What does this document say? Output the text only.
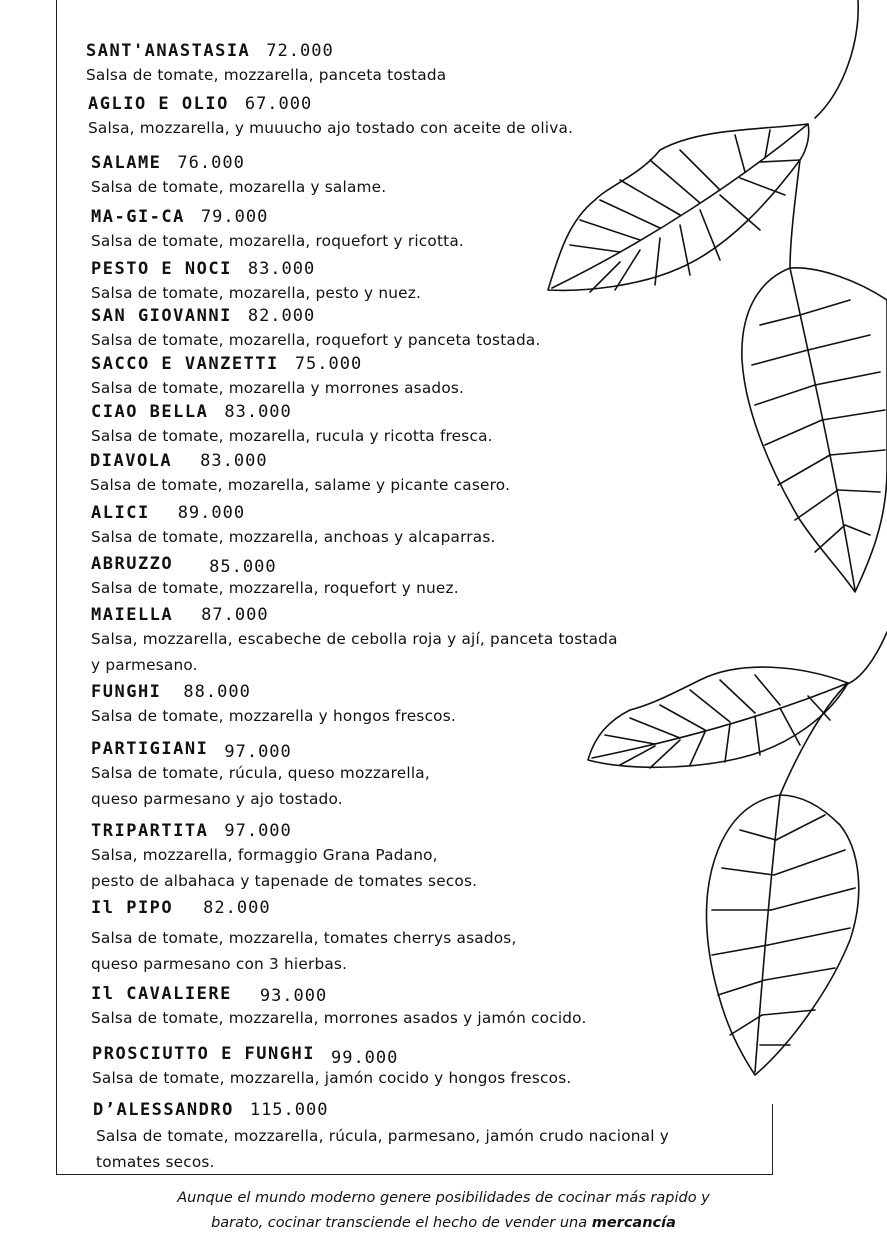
SANT'ANASTASIA 72.000
Salsa de tomate, mozzarella, panceta tostada
AGLIO E OLIO 67.000
Salsa, mozzarella, y muuucho ajo tostado con aceite de oliva.
SALAME 76.000
Salsa de tomate, mozarella y salame.
MA-GI-CA 79.000
Salsa de tomate, mozarella, roquefort y ricotta.
PESTO E NOCI 83.000
Salsa de tomate, mozarella, pesto y nuez.
SAN GIOVANNI 82.000
Salsa de tomate, mozarella, roquefort y panceta tostada.
SACCO E VANZETTI 75.000
Salsa de tomate, mozarella y morrones asados.
CIAO BELLA 83.000
Salsa de tomate, mozarella, rucula y ricotta fresca.
DIAVOLA 83.000
Salsa de tomate, mozarella, salame y picante casero.
ALICI 89.000
Salsa de tomate, mozzarella, anchoas y alcaparras.
ABRUZZO 85.000
Salsa de tomate, mozzarella, roquefort y nuez.
MAIELLA 87.000
Salsa, mozzarella, escabeche de cebolla roja y ají, panceta tostada
y parmesano.
FUNGHI 88.000
Salsa de tomate, mozzarella y hongos frescos.
PARTIGIANI 97.000
Salsa de tomate, rúcula, queso mozzarella,
queso parmesano y ajo tostado.
TRIPARTITA 97.000
Salsa, mozzarella, formaggio Grana Padano,
pesto de albahaca y tapenade de tomates secos.
Il PIPO 82.000
Salsa de tomate, mozzarella, tomates cherrys asados,
queso parmesano con 3 hierbas.
Il CAVALIERE 93.000
Salsa de tomate, mozzarella, morrones asados y jamón cocido.
PROSCIUTTO E FUNGHI 99.000
Salsa de tomate, mozzarella, jamón cocido y hongos frescos.
D’ALESSANDRO 115.000
Salsa de tomate, mozzarella, rúcula, parmesano, jamón crudo nacional y
tomates secos.
Aunque el mundo moderno genere posibilidades de cocinar más rapido y
barato, cocinar transciende el hecho de vender una mercancía
